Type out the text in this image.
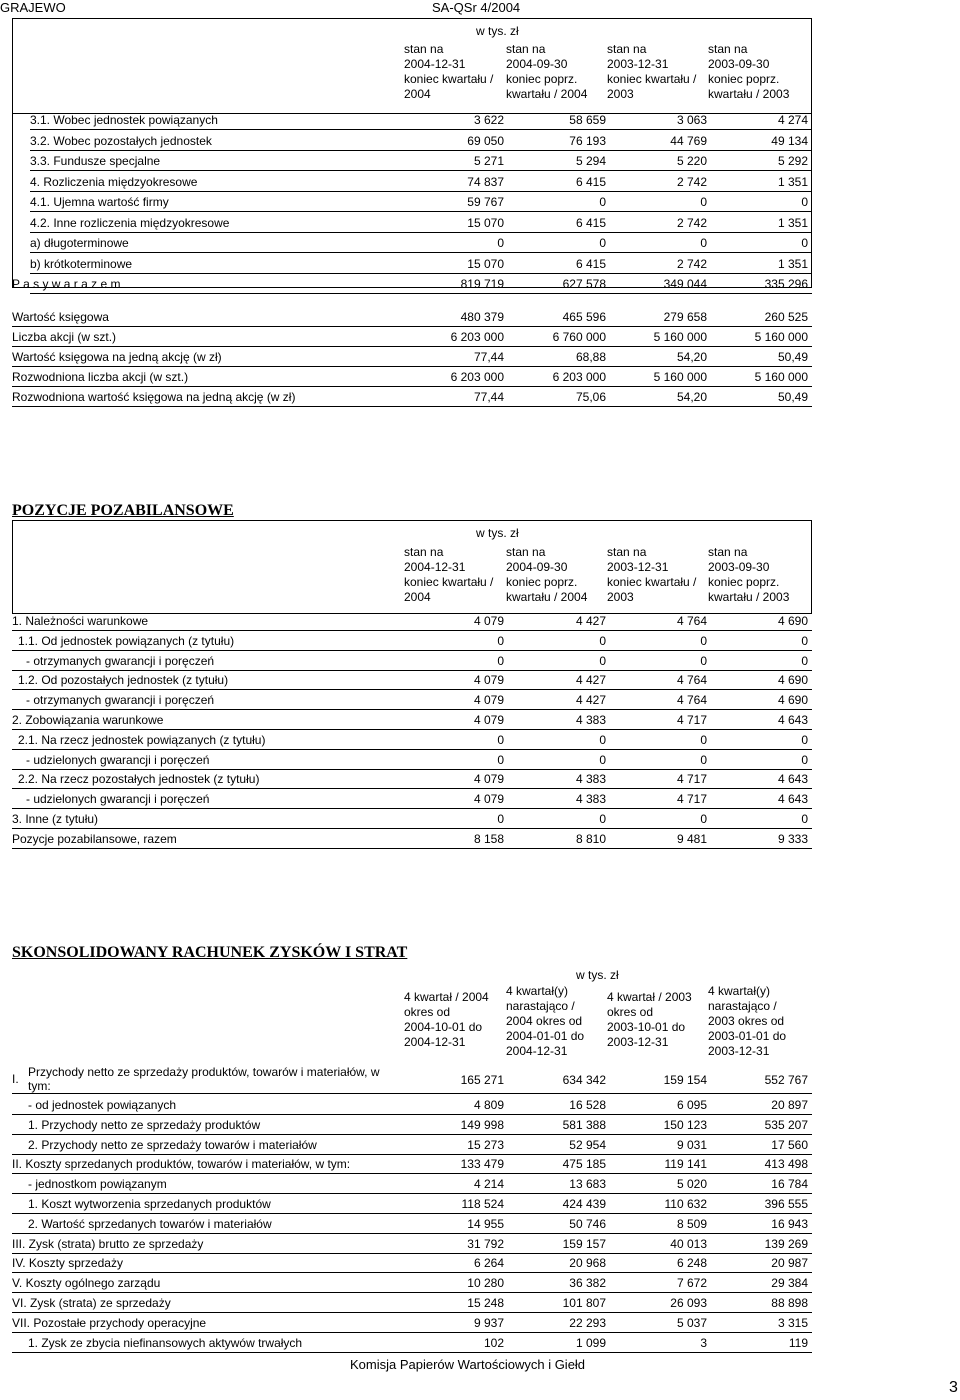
GRAJEWO	SA-QSr 4/2004
w tys. zł
stan na
2004-12-31
koniec kwartału /
2004
stan na
2004-09-30
koniec poprz.
kwartału / 2004
stan na
2003-12-31
koniec kwartału /
2003
stan na
2003-09-30
koniec poprz.
kwartału / 2003
3.1. Wobec jednostek powiązanych	3 622	58 659	3 063	4 274
3.2. Wobec pozostałych jednostek	69 050	76 193	44 769	49 134
3.3. Fundusze specjalne	5 271	5 294	5 220	5 292
4. Rozliczenia międzyokresowe	74 837	6 415	2 742	1 351
4.1. Ujemna wartość firmy	59 767	0	0	0
4.2. Inne rozliczenia międzyokresowe	15 070	6 415	2 742	1 351
a) długoterminowe	0	0	0	0
b) krótkoterminowe	15 070	6 415	2 742	1 351
P a s y w a r a z e m	819 719	627 578	349 044	335 296
Wartość księgowa	480 379	465 596	279 658	260 525
Liczba akcji (w szt.)	6 203 000	6 760 000	5 160 000	5 160 000
Wartość księgowa na jedną akcję (w zł)	77,44	68,88	54,20	50,49
Rozwodniona liczba akcji (w szt.)	6 203 000	6 203 000	5 160 000	5 160 000
Rozwodniona wartość księgowa na jedną akcję (w zł)	77,44	75,06	54,20	50,49
POZYCJE POZABILANSOWE
w tys. zł
stan na
2004-12-31
koniec kwartału /
2004
stan na
2004-09-30
koniec poprz.
kwartału / 2004
stan na
2003-12-31
koniec kwartału /
2003
stan na
2003-09-30
koniec poprz.
kwartału / 2003
1. Należności warunkowe	4 079	4 427	4 764	4 690
1.1. Od jednostek powiązanych (z tytułu)	0	0	0	0
- otrzymanych gwarancji i poręczeń	0	0	0	0
1.2. Od pozostałych jednostek (z tytułu)	4 079	4 427	4 764	4 690
- otrzymanych gwarancji i poręczeń	4 079	4 427	4 764	4 690
2. Zobowiązania warunkowe	4 079	4 383	4 717	4 643
2.1. Na rzecz jednostek powiązanych (z tytułu)	0	0	0	0
- udzielonych gwarancji i poręczeń	0	0	0	0
2.2. Na rzecz pozostałych jednostek (z tytułu)	4 079	4 383	4 717	4 643
- udzielonych gwarancji i poręczeń	4 079	4 383	4 717	4 643
3. Inne (z tytułu)	0	0	0	0
Pozycje pozabilansowe, razem	8 158	8 810	9 481	9 333
SKONSOLIDOWANY RACHUNEK ZYSKÓW I STRAT
w tys. zł
4 kwartał / 2004
okres od
2004-10-01 do
2004-12-31
4 kwartał(y)
narastająco /
2004 okres od
2004-01-01 do
2004-12-31
4 kwartał / 2003
okres od
2003-10-01 do
2003-12-31
4 kwartał(y)
narastająco /
2003 okres od
2003-01-01 do
2003-12-31
I. Przychody netto ze sprzedaży produktów, towarów i materiałów, w
tym:	165 271	634 342	159 154	552 767
- od jednostek powiązanych	4 809	16 528	6 095	20 897
1. Przychody netto ze sprzedaży produktów	149 998	581 388	150 123	535 207
2. Przychody netto ze sprzedaży towarów i materiałów	15 273	52 954	9 031	17 560
II. Koszty sprzedanych produktów, towarów i materiałów, w tym:	133 479	475 185	119 141	413 498
- jednostkom powiązanym	4 214	13 683	5 020	16 784
1. Koszt wytworzenia sprzedanych produktów	118 524	424 439	110 632	396 555
2. Wartość sprzedanych towarów i materiałów	14 955	50 746	8 509	16 943
III. Zysk (strata) brutto ze sprzedaży	31 792	159 157	40 013	139 269
IV. Koszty sprzedaży	6 264	20 968	6 248	20 987
V. Koszty ogólnego zarządu	10 280	36 382	7 672	29 384
VI. Zysk (strata) ze sprzedaży	15 248	101 807	26 093	88 898
VII. Pozostałe przychody operacyjne	9 937	22 293	5 037	3 315
1. Zysk ze zbycia niefinansowych aktywów trwałych	102	1 099	3	119
Komisja Papierów Wartościowych i Giełd
3
